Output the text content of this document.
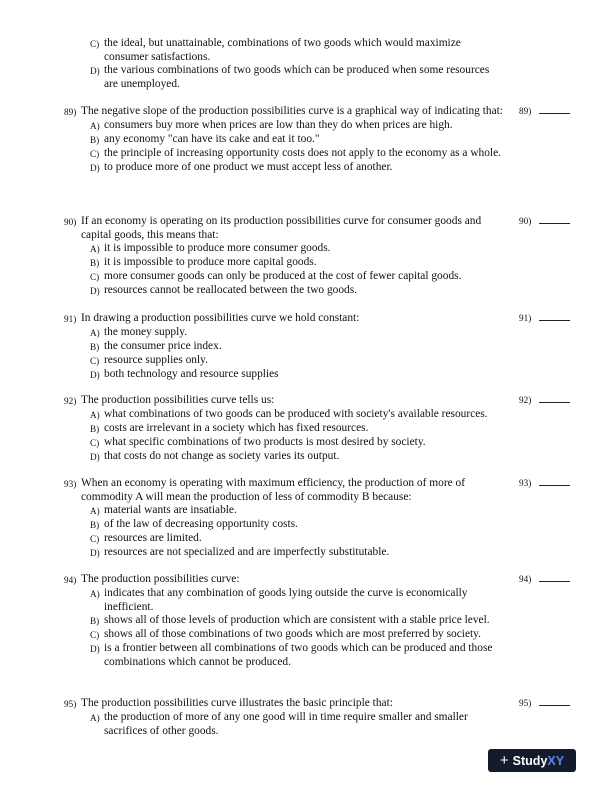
C) the ideal, but unattainable, combinations of two goods which would maximize consumer satisfactions.
D) the various combinations of two goods which can be produced when some resources are unemployed.
89) The negative slope of the production possibilities curve is a graphical way of indicating that:	89)
A) consumers buy more when prices are low than they do when prices are high.
B) any economy "can have its cake and eat it too."
C) the principle of increasing opportunity costs does not apply to the economy as a whole.
D) to produce more of one product we must accept less of another.
90) If an economy is operating on its production possibilities curve for consumer goods and capital goods, this means that:
90)
A) it is impossible to produce more consumer goods.
B) it is impossible to produce more capital goods.
C) more consumer goods can only be produced at the cost of fewer capital goods.
D) resources cannot be reallocated between the two goods.
91) In drawing a production possibilities curve we hold constant:	91)
A) the money supply.
B) the consumer price index.
C) resource supplies only.
D) both technology and resource supplies
92) The production possibilities curve tells us:	92)
A) what combinations of two goods can be produced with society's available resources.
B) costs are irrelevant in a society which has fixed resources.
C) what specific combinations of two products is most desired by society.
D) that costs do not change as society varies its output.
93) When an economy is operating with maximum efficiency, the production of more of commodity A will mean the production of less of commodity B because:
93)
A) material wants are insatiable.
B) of the law of decreasing opportunity costs.
C) resources are limited.
D) resources are not specialized and are imperfectly substitutable.
94) The production possibilities curve:	94)
A) indicates that any combination of goods lying outside the curve is economically inefficient.
B) shows all of those levels of production which are consistent with a stable price level.
C) shows all of those combinations of two goods which are most preferred by society.
D) is a frontier between all combinations of two goods which can be produced and those combinations which cannot be produced.
95) The production possibilities curve illustrates the basic principle that:	95)
A) the production of more of any one good will in time require smaller and smaller sacrifices of other goods.
+ Study XY
